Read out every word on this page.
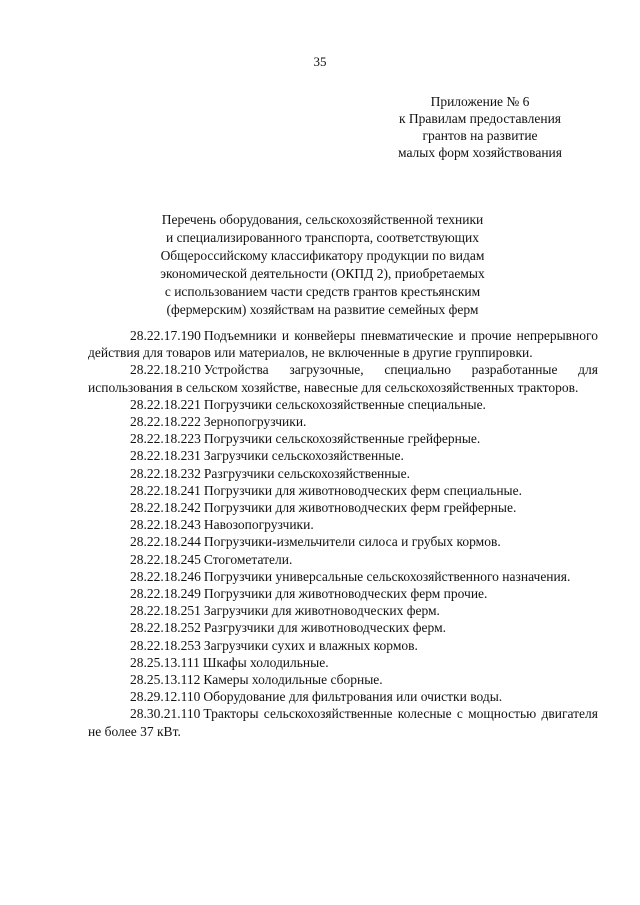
35
Приложение № 6
к Правилам предоставления
грантов на развитие
малых форм хозяйствования
Перечень оборудования, сельскохозяйственной техники
и специализированного транспорта, соответствующих
Общероссийскому классификатору продукции по видам
экономической деятельности (ОКПД 2), приобретаемых
с использованием части средств грантов крестьянским
(фермерским) хозяйствам на развитие семейных ферм
28.22.17.190 Подъемники и конвейеры пневматические и прочие непрерывного действия для товаров или материалов, не включенные в другие группировки.
28.22.18.210 Устройства загрузочные, специально разработанные для использования в сельском хозяйстве, навесные для сельскохозяйственных тракторов.
28.22.18.221 Погрузчики сельскохозяйственные специальные.
28.22.18.222 Зернопогрузчики.
28.22.18.223 Погрузчики сельскохозяйственные грейферные.
28.22.18.231 Загрузчики сельскохозяйственные.
28.22.18.232 Разгрузчики сельскохозяйственные.
28.22.18.241 Погрузчики для животноводческих ферм специальные.
28.22.18.242 Погрузчики для животноводческих ферм грейферные.
28.22.18.243 Навозопогрузчики.
28.22.18.244 Погрузчики-измельчители силоса и грубых кормов.
28.22.18.245 Стогометатели.
28.22.18.246 Погрузчики универсальные сельскохозяйственного назначения.
28.22.18.249 Погрузчики для животноводческих ферм прочие.
28.22.18.251 Загрузчики для животноводческих ферм.
28.22.18.252 Разгрузчики для животноводческих ферм.
28.22.18.253 Загрузчики сухих и влажных кормов.
28.25.13.111 Шкафы холодильные.
28.25.13.112 Камеры холодильные сборные.
28.29.12.110 Оборудование для фильтрования или очистки воды.
28.30.21.110 Тракторы сельскохозяйственные колесные с мощностью двигателя не более 37 кВт.
